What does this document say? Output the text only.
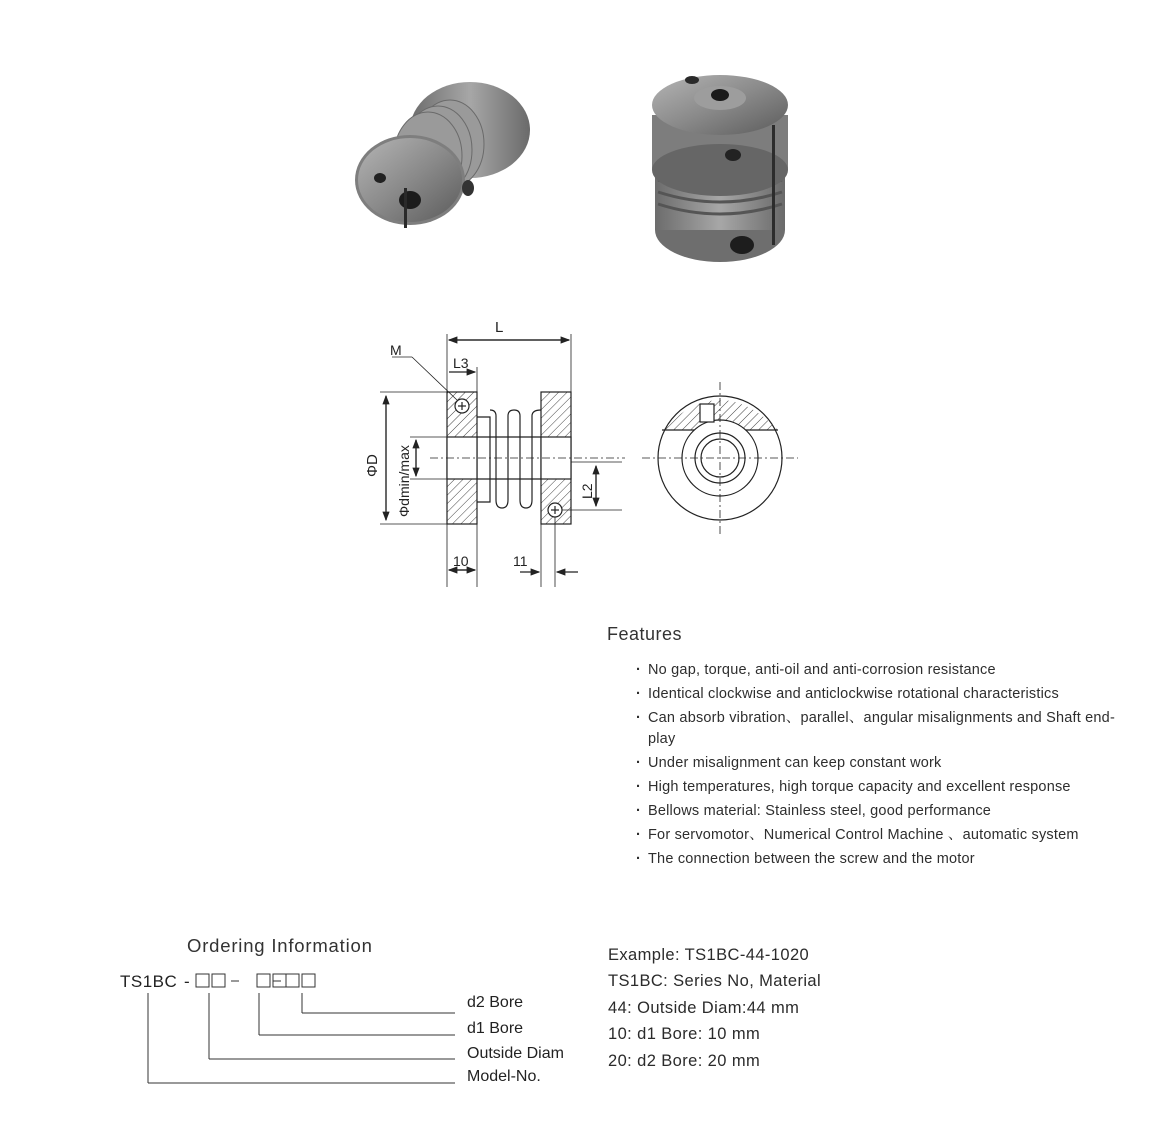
L
M
L3
ΦD Φdmin/max	L2
10	11
Features
· No gap, torque, anti-oil and anti-corrosion resistance
· Identical clockwise and anticlockwise rotational characteristics
· Can absorb vibration、parallel、angular misalignments and Shaft end-play
· Under misalignment can keep constant work
· High temperatures, high torque capacity and excellent response
· Bellows material: Stainless steel, good performance
· For servomotor、Numerical Control Machine 、automatic system
· The connection between the screw and the motor
Ordering Information
TS1BC -
d2 Bore
d1 Bore
Outside Diam
Model-No.
Example: TS1BC-44-1020
TS1BC: Series No, Material
44: Outside Diam:44 mm
10: d1 Bore: 10 mm
20: d2 Bore: 20 mm
